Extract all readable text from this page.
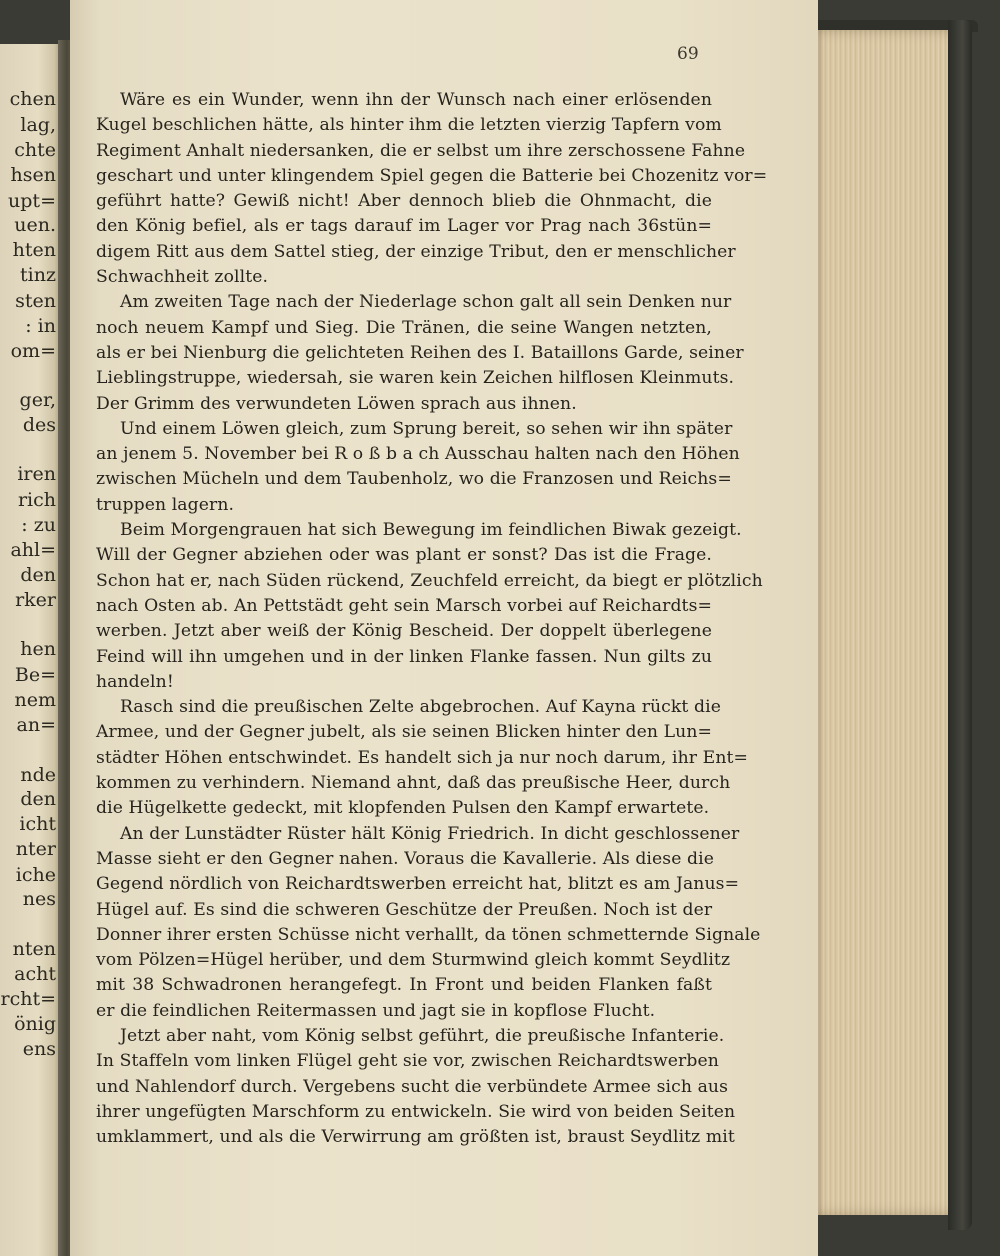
chen
lag,
chte
hsen
upt=
uen.
hten
tinz
sten
: in
om=
ger,
des
iren
rich
: zu
ahl=
den
rker
hen
Be=
nem
an=
nde
den
icht
nter
iche
nes
nten
acht
rcht=
önig
ens
69
Wäre es ein Wunder, wenn ihn der Wunsch nach einer erlösenden
Kugel beschlichen hätte, als hinter ihm die letzten vierzig Tapfern vom
Regiment Anhalt niedersanken, die er selbst um ihre zerschossene Fahne
geschart und unter klingendem Spiel gegen die Batterie bei Chozenitz vor=
geführt hatte? Gewiß nicht! Aber dennoch blieb die Ohnmacht, die
den König befiel, als er tags darauf im Lager vor Prag nach 36stün=
digem Ritt aus dem Sattel stieg, der einzige Tribut, den er menschlicher
Schwachheit zollte.
Am zweiten Tage nach der Niederlage schon galt all sein Denken nur
noch neuem Kampf und Sieg. Die Tränen, die seine Wangen netzten,
als er bei Nienburg die gelichteten Reihen des I. Bataillons Garde, seiner
Lieblingstruppe, wiedersah, sie waren kein Zeichen hilflosen Kleinmuts.
Der Grimm des verwundeten Löwen sprach aus ihnen.
Und einem Löwen gleich, zum Sprung bereit, so sehen wir ihn später
an jenem 5. November bei R o ß b a ch Ausschau halten nach den Höhen
zwischen Mücheln und dem Taubenholz, wo die Franzosen und Reichs=
truppen lagern.
Beim Morgengrauen hat sich Bewegung im feindlichen Biwak gezeigt.
Will der Gegner abziehen oder was plant er sonst? Das ist die Frage.
Schon hat er, nach Süden rückend, Zeuchfeld erreicht, da biegt er plötzlich
nach Osten ab. An Pettstädt geht sein Marsch vorbei auf Reichardts=
werben. Jetzt aber weiß der König Bescheid. Der doppelt überlegene
Feind will ihn umgehen und in der linken Flanke fassen. Nun gilts zu
handeln!
Rasch sind die preußischen Zelte abgebrochen. Auf Kayna rückt die
Armee, und der Gegner jubelt, als sie seinen Blicken hinter den Lun=
städter Höhen entschwindet. Es handelt sich ja nur noch darum, ihr Ent=
kommen zu verhindern. Niemand ahnt, daß das preußische Heer, durch
die Hügelkette gedeckt, mit klopfenden Pulsen den Kampf erwartete.
An der Lunstädter Rüster hält König Friedrich. In dicht geschlossener
Masse sieht er den Gegner nahen. Voraus die Kavallerie. Als diese die
Gegend nördlich von Reichardtswerben erreicht hat, blitzt es am Janus=
Hügel auf. Es sind die schweren Geschütze der Preußen. Noch ist der
Donner ihrer ersten Schüsse nicht verhallt, da tönen schmetternde Signale
vom Pölzen=Hügel herüber, und dem Sturmwind gleich kommt Seydlitz
mit 38 Schwadronen herangefegt. In Front und beiden Flanken faßt
er die feindlichen Reitermassen und jagt sie in kopflose Flucht.
Jetzt aber naht, vom König selbst geführt, die preußische Infanterie.
In Staffeln vom linken Flügel geht sie vor, zwischen Reichardtswerben
und Nahlendorf durch. Vergebens sucht die verbündete Armee sich aus
ihrer ungefügten Marschform zu entwickeln. Sie wird von beiden Seiten
umklammert, und als die Verwirrung am größten ist, braust Seydlitz mit
